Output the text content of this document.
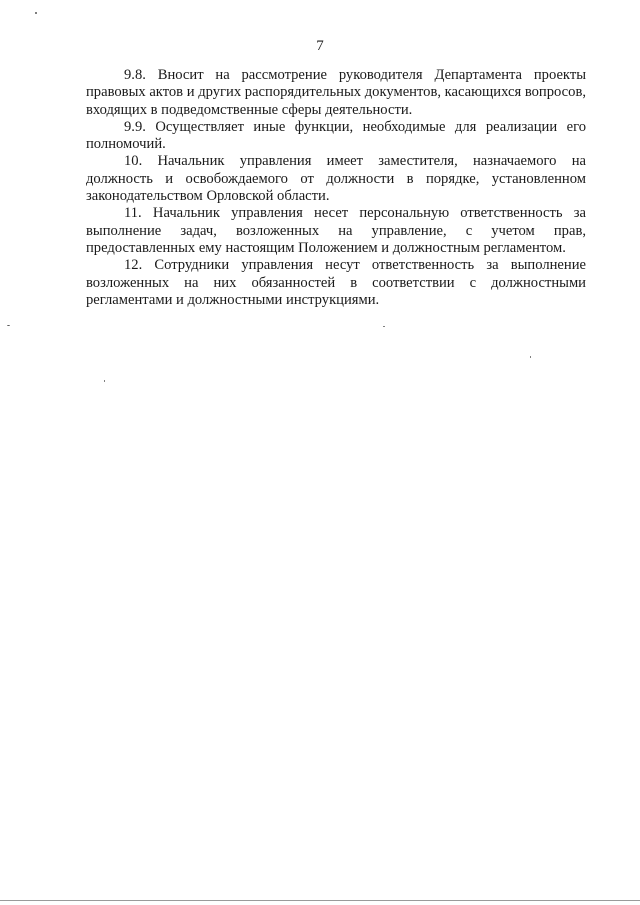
7

9.8. Вносит на рассмотрение руководителя Департамента проекты правовых актов и других распорядительных документов, касающихся вопросов, входящих в подведомственные сферы деятельности.

9.9. Осуществляет иные функции, необходимые для реализации его полномочий.

10. Начальник управления имеет заместителя, назначаемого на должность и освобождаемого от должности в порядке, установленном законодательством Орловской области.

11. Начальник управления несет персональную ответственность за выполнение задач, возложенных на управление, с учетом прав, предоставленных ему настоящим Положением и должностным регламентом.

12. Сотрудники управления несут ответственность за выполнение возложенных на них обязанностей в соответствии с должностными регламентами и должностными инструкциями.
